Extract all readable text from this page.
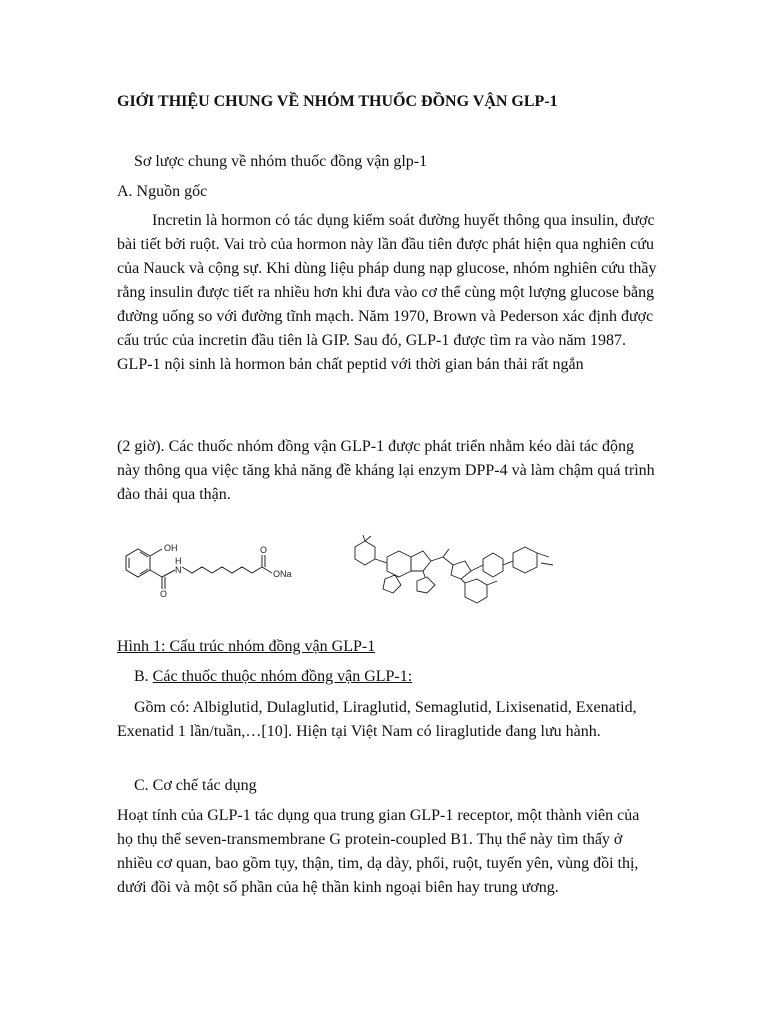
GIỚI THIỆU CHUNG VỀ NHÓM THUỐC ĐỒNG VẬN GLP-1
Sơ lược chung về nhóm thuốc đồng vận glp-1
A. Nguồn gốc
Incretin là hormon có tác dụng kiểm soát đường huyết thông qua insulin, được bài tiết bởi ruột. Vai trò của hormon này lần đầu tiên được phát hiện qua nghiên cứu của Nauck và cộng sự. Khi dùng liệu pháp dung nạp glucose, nhóm nghiên cứu thầy rằng insulin được tiết ra nhiều hơn khi đưa vào cơ thể cùng một lượng glucose bằng đường uống so với đường tĩnh mạch. Năm 1970, Brown và Pederson xác định được cấu trúc của incretin đầu tiên là GIP. Sau đó, GLP-1 được tìm ra vào năm 1987. GLP-1 nội sinh là hormon bản chất peptid với thời gian bán thải rất ngắn
(2 giờ). Các thuốc nhóm đồng vận GLP-1 được phát triển nhằm kéo dài tác động này thông qua việc tăng khả năng đề kháng lại enzym DPP-4 và làm chậm quá trình đào thải qua thận.
OH
H
N
O
O
ONa
Hình 1: Cấu trúc nhóm đồng vận GLP-1
B. Các thuốc thuộc nhóm đồng vận GLP-1:
Gồm có: Albiglutid, Dulaglutid, Liraglutid, Semaglutid, Lixisenatid, Exenatid, Exenatid 1 lần/tuần,…[10]. Hiện tại Việt Nam có liraglutide đang lưu hành.
C. Cơ chế tác dụng
Hoạt tính của GLP-1 tác dụng qua trung gian GLP-1 receptor, một thành viên của họ thụ thể seven-transmembrane G protein-coupled B1. Thụ thể này tìm thấy ở nhiều cơ quan, bao gồm tụy, thận, tim, dạ dày, phổi, ruột, tuyến yên, vùng đồi thị, dưới đồi và một số phần của hệ thần kinh ngoại biên hay trung ương.
